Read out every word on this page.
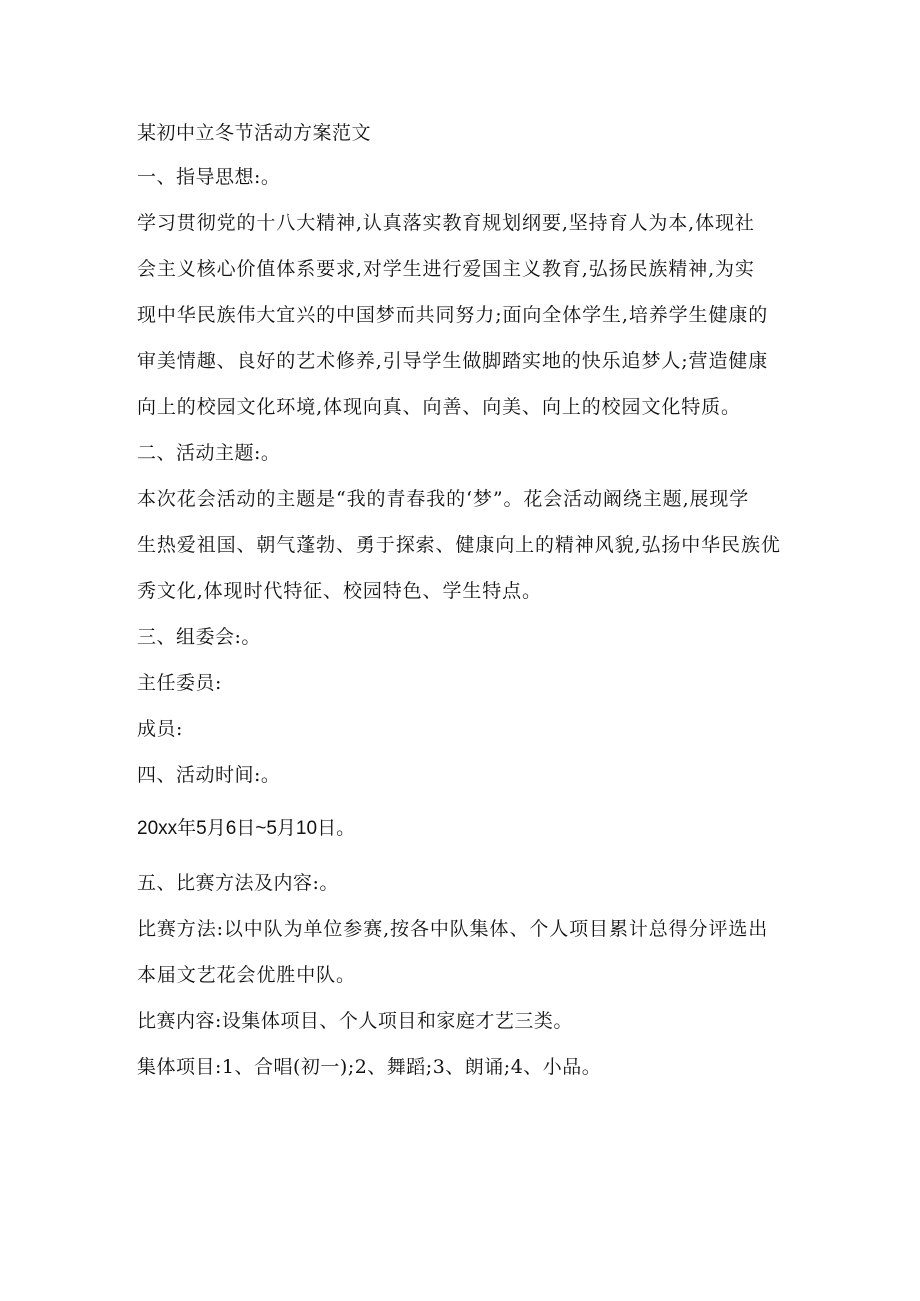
某初中立冬节活动方案范文
一、指导思想:。
学习贯彻党的十八大精神,认真落实教育规划纲要,坚持育人为本,体现社
会主义核心价值体系要求,对学生进行爱国主义教育,弘扬民族精神,为实
现中华民族伟大宜兴的中国梦而共同努力;面向全体学生,培养学生健康的
审美情趣、良好的艺术修养,引导学生做脚踏实地的快乐追梦人;营造健康
向上的校园文化环境,体现向真、向善、向美、向上的校园文化特质。
二、活动主题:。
本次花会活动的主题是“我的青春我的‘梦”。花会活动阚绕主题,展现学
生热爱祖国、朝气蓬勃、勇于探索、健康向上的精神风貌,弘扬中华民族优
秀文化,体现时代特征、校园特色、学生特点。
三、组委会:。
主任委员:
成员:
四、活动时间:。
20xx年5月6日~5月10日。
五、比赛方法及内容:。
比赛方法:以中队为单位参赛,按各中队集体、个人项目累计总得分评选出
本届文艺花会优胜中队。
比赛内容:设集体项目、个人项目和家庭才艺三类。
集体项目:1、合唱(初一);2、舞蹈;3、朗诵;4、小品。
